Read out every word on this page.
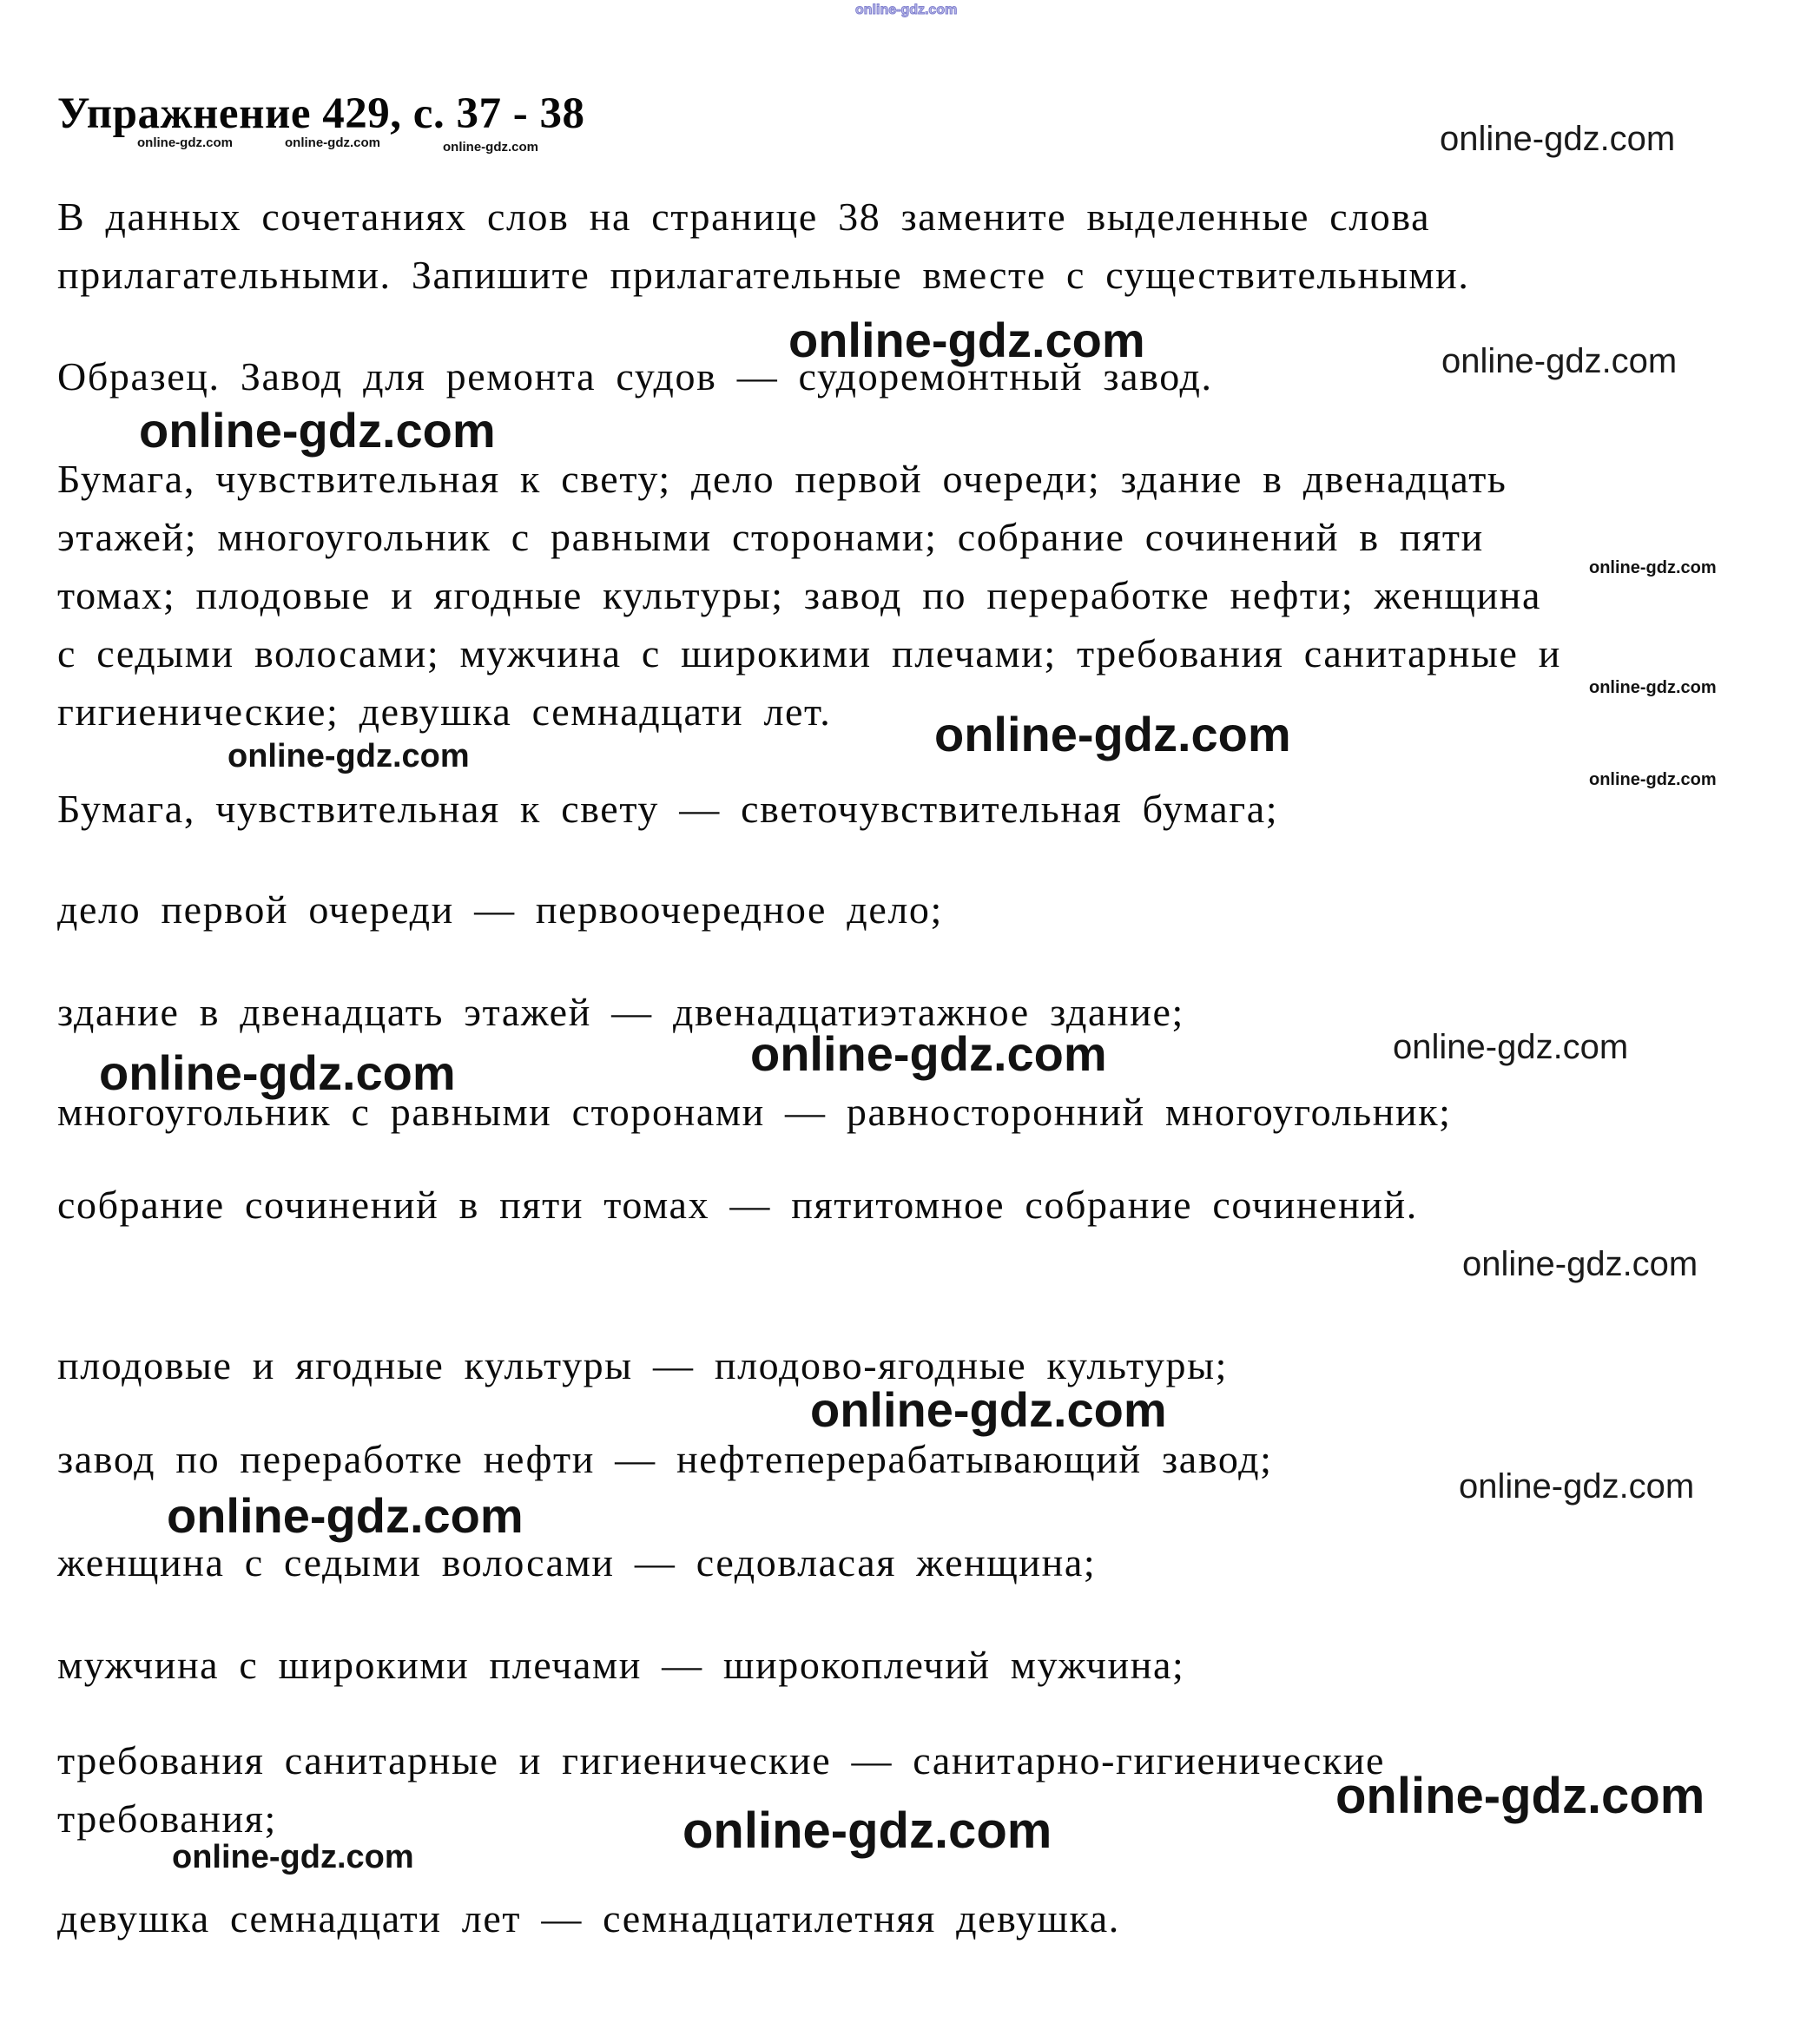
online-gdz.com
online-gdz.com	online-gdz.com	online-gdz.com	online-gdz.com
online-gdz.com	online-gdz.com
online-gdz.com
online-gdz.com
online-gdz.com
online-gdz.com
online-gdz.com
online-gdz.com
online-gdz.com
online-gdz.com	online-gdz.com
online-gdz.com
online-gdz.com
online-gdz.com
online-gdz.com
online-gdz.com
online-gdz.com
online-gdz.com
Упражнение 429, с. 37 - 38
В данных сочетаниях слов на странице 38 замените выделенные слова
прилагательными. Запишите прилагательные вместе с существительными.
Образец. Завод для ремонта судов — судоремонтный завод.
Бумага, чувствительная к свету; дело первой очереди; здание в двенадцать
этажей; многоугольник с равными сторонами; собрание сочинений в пяти
томах; плодовые и ягодные культуры; завод по переработке нефти; женщина
с седыми волосами; мужчина с широкими плечами; требования санитарные и
гигиенические; девушка семнадцати лет.
Бумага, чувствительная к свету — светочувствительная бумага;
дело первой очереди — первоочередное дело;
здание в двенадцать этажей — двенадцатиэтажное здание;
многоугольник с равными сторонами — равносторонний многоугольник;
собрание сочинений в пяти томах — пятитомное собрание сочинений.
плодовые и ягодные культуры — плодово-ягодные культуры;
завод по переработке нефти — нефтеперерабатывающий завод;
женщина с седыми волосами — седовласая женщина;
мужчина с широкими плечами — широкоплечий мужчина;
требования санитарные и гигиенические — санитарно-гигиенические
требования;
девушка семнадцати лет — семнадцатилетняя девушка.
